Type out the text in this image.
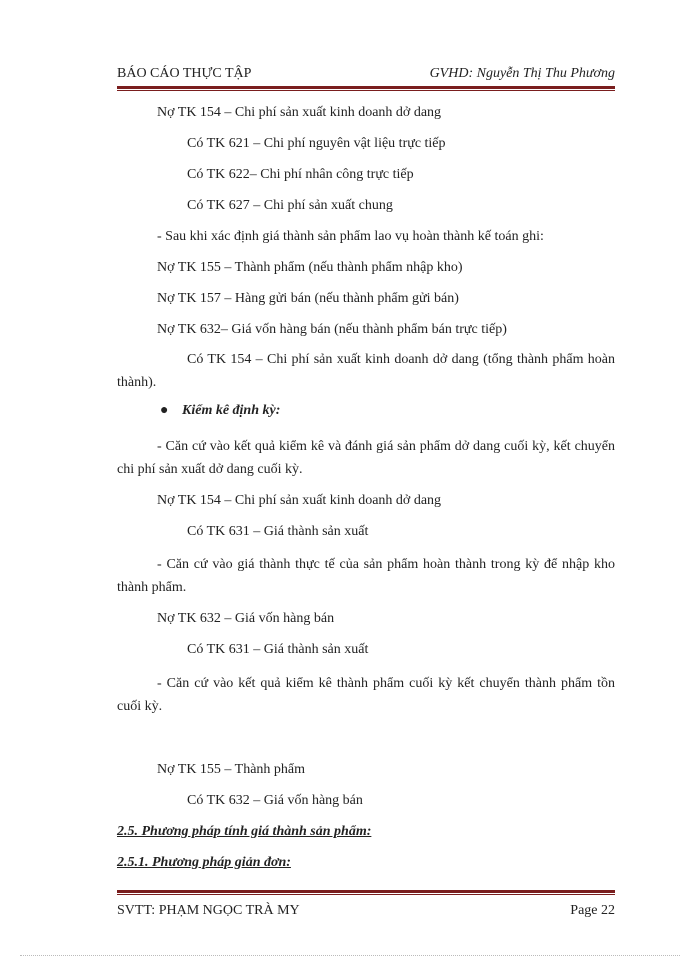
BÁO CÁO THỰC TẬP	GVHD: Nguyễn Thị Thu Phương
Nợ TK 154 – Chi phí sản xuất kinh doanh dở dang
Có TK 621 – Chi phí nguyên vật liệu trực tiếp
Có TK 622– Chi phí nhân công trực tiếp
Có TK 627 – Chi phí sản xuất chung
- Sau khi xác định giá thành sản phẩm lao vụ hoàn thành kế toán ghi:
Nợ TK 155 – Thành phẩm (nếu thành phẩm nhập kho)
Nợ TK 157 – Hàng gửi bán (nếu thành phẩm gửi bán)
Nợ TK 632– Giá vốn hàng bán (nếu thành phẩm bán trực tiếp)
Có TK 154 – Chi phí sản xuất kinh doanh dở dang (tổng thành phẩm hoàn thành).
● Kiểm kê định kỳ:
- Căn cứ vào kết quả kiểm kê và đánh giá sản phẩm dở dang cuối kỳ, kết chuyển chi phí sản xuất dở dang cuối kỳ.
Nợ TK 154 – Chi phí sản xuất kinh doanh dở dang
Có TK 631 – Giá thành sản xuất
- Căn cứ vào giá thành thực tế của sản phẩm hoàn thành trong kỳ để nhập kho thành phẩm.
Nợ TK 632 – Giá vốn hàng bán
Có TK 631 – Giá thành sản xuất
- Căn cứ vào kết quả kiểm kê thành phẩm cuối kỳ kết chuyển thành phẩm tồn cuối kỳ.
Nợ TK 155 – Thành phẩm
Có TK 632 – Giá vốn hàng bán
2.5. Phương pháp tính giá thành sản phẩm:
2.5.1. Phương pháp giản đơn:
SVTT: PHẠM NGỌC TRÀ MY	Page 22
